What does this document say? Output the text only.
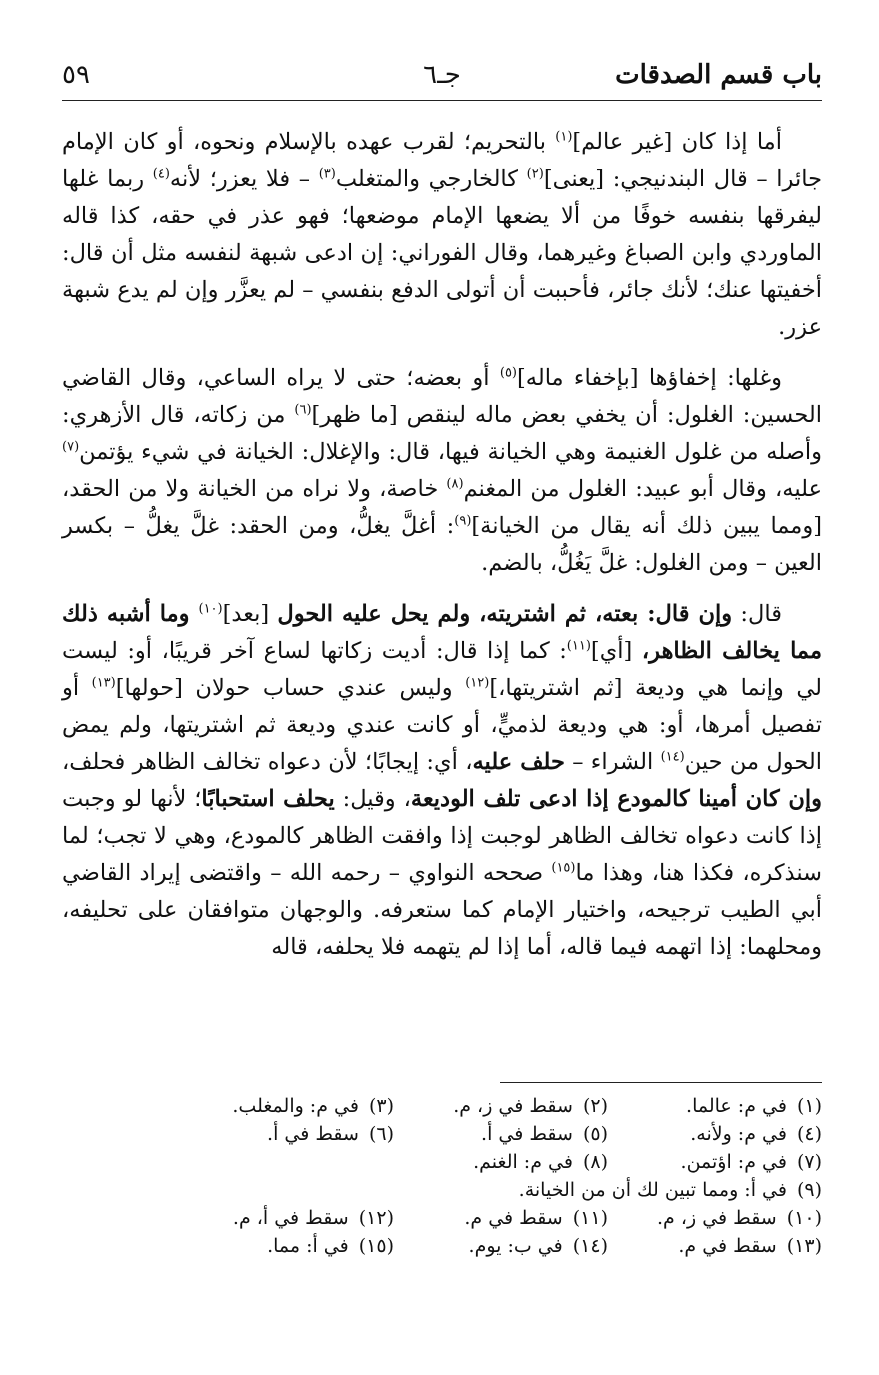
باب قسم الصدقات
جـ٦
٥٩

أما إذا كان [غير عالم]$^{(١)}$ بالتحريم؛ لقرب عهده بالإسلام ونحوه، أو كان الإمام جائرا – قال البندنيجي: [يعنى]$^{(٢)}$ كالخارجي والمتغلب$^{(٣)}$ – فلا يعزر؛ لأنه$^{(٤)}$ ربما غلها ليفرقها بنفسه خوفًا من ألا يضعها الإمام موضعها؛ فهو عذر في حقه، كذا قاله الماوردي وابن الصباغ وغيرهما، وقال الفوراني: إن ادعى شبهة لنفسه مثل أن قال: أخفيتها عنك؛ لأنك جائر، فأحببت أن أتولى الدفع بنفسي – لم يعزَّر وإن لم يدع شبهة عزر.

وغلها: إخفاؤها [بإخفاء ماله]$^{(٥)}$ أو بعضه؛ حتى لا يراه الساعي، وقال القاضي الحسين: الغلول: أن يخفي بعض ماله لينقص [ما ظهر]$^{(٦)}$ من زكاته، قال الأزهري: وأصله من غلول الغنيمة وهي الخيانة فيها، قال: والإغلال: الخيانة في شيء يؤتمن$^{(٧)}$ عليه، وقال أبو عبيد: الغلول من المغنم$^{(٨)}$ خاصة، ولا نراه من الخيانة ولا من الحقد، [ومما يبين ذلك أنه يقال من الخيانة]$^{(٩)}$: أغلَّ يغلُّ، ومن الحقد: غلَّ يغلُّ – بكسر العين – ومن الغلول: غلَّ يَغُلُّ، بالضم.

قال: وإن قال: بعته، ثم اشتريته، ولم يحل عليه الحول [بعد]$^{(١٠)}$ وما أشبه ذلك مما يخالف الظاهر، [أي]$^{(١١)}$: كما إذا قال: أديت زكاتها لساع آخر قريبًا، أو: ليست لي وإنما هي وديعة [ثم اشتريتها،]$^{(١٢)}$ وليس عندي حساب حولان [حولها]$^{(١٣)}$ أو تفصيل أمرها، أو: هي وديعة لذميٍّ، أو كانت عندي وديعة ثم اشتريتها، ولم يمض الحول من حين$^{(١٤)}$ الشراء – حلف عليه، أي: إيجابًا؛ لأن دعواه تخالف الظاهر فحلف، وإن كان أمينا كالمودع إذا ادعى تلف الوديعة، وقيل: يحلف استحبابًا؛ لأنها لو وجبت إذا كانت دعواه تخالف الظاهر لوجبت إذا وافقت الظاهر كالمودع، وهي لا تجب؛ لما سنذكره، فكذا هنا، وهذا ما$^{(١٥)}$ صححه النواوي – رحمه الله – واقتضى إيراد القاضي أبي الطيب ترجيحه، واختيار الإمام كما ستعرفه. والوجهان متوافقان على تحليفه، ومحلهما: إذا اتهمه فيما قاله، أما إذا لم يتهمه فلا يحلفه، قاله

(١)في م: عالما.
(٢)سقط في ز، م.
(٣)في م: والمغلب.
(٤)في م: ولأنه.
(٥)سقط في أ.
(٦)سقط في أ.
(٧)في م: اؤتمن.
(٨)في م: الغنم.
(٩)في أ: ومما تبين لك أن من الخيانة.
(١٠)سقط في ز، م.
(١١)سقط في م.
(١٢)سقط في أ، م.
(١٣)سقط في م.
(١٤)في ب: يوم.
(١٥)في أ: مما.
